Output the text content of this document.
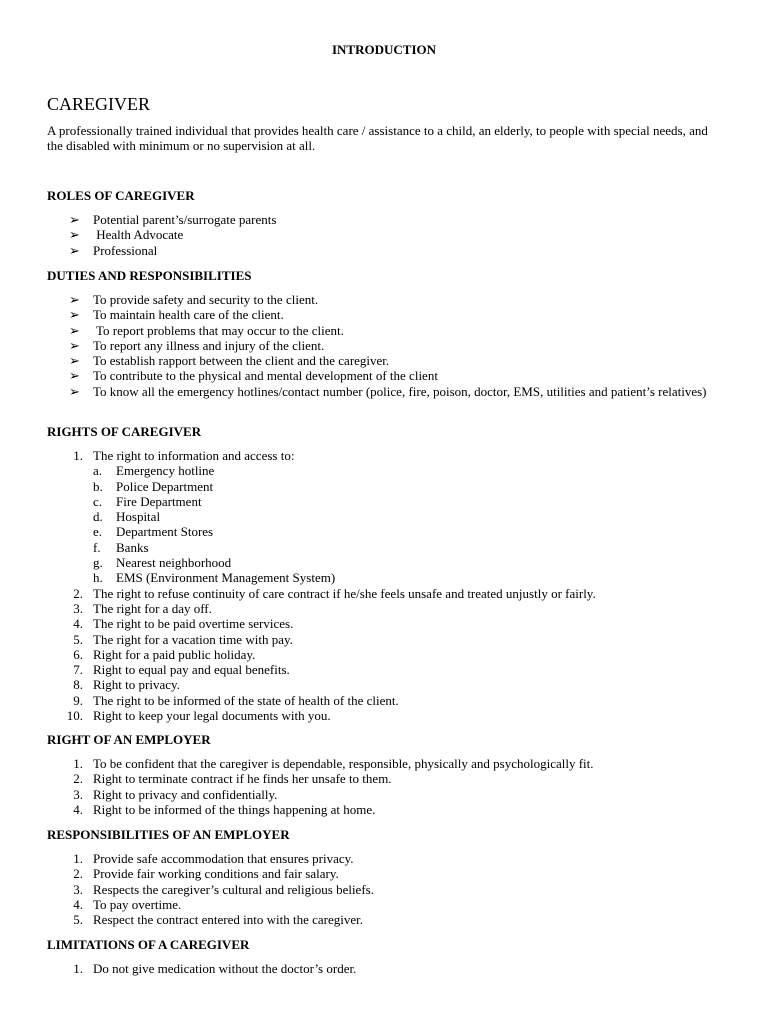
INTRODUCTION
CAREGIVER

A professionally trained individual that provides health care / assistance to a child, an elderly, to people with special needs, and the disabled with minimum or no supervision at all.

ROLES OF CAREGIVER
➢ Potential parent’s/surrogate parents
➢ Health Advocate
➢ Professional
DUTIES AND RESPONSIBILITIES
➢ To provide safety and security to the client.
➢ To maintain health care of the client.
➢ To report problems that may occur to the client.
➢ To report any illness and injury of the client.
➢ To establish rapport between the client and the caregiver.
➢ To contribute to the physical and mental development of the client
➢ To know all the emergency hotlines/contact number (police, fire, poison, doctor, EMS, utilities and patient’s relatives)
RIGHTS OF CAREGIVER
1. The right to information and access to:
a. Emergency hotline
b. Police Department
c. Fire Department
d. Hospital
e. Department Stores
f. Banks
g. Nearest neighborhood
h. EMS (Environment Management System)
2. The right to refuse continuity of care contract if he/she feels unsafe and treated unjustly or fairly.
3. The right for a day off.
4. The right to be paid overtime services.
5. The right for a vacation time with pay.
6. Right for a paid public holiday.
7. Right to equal pay and equal benefits.
8. Right to privacy.
9. The right to be informed of the state of health of the client.
10. Right to keep your legal documents with you.
RIGHT OF AN EMPLOYER
1. To be confident that the caregiver is dependable, responsible, physically and psychologically fit.
2. Right to terminate contract if he finds her unsafe to them.
3. Right to privacy and confidentially.
4. Right to be informed of the things happening at home.
RESPONSIBILITIES OF AN EMPLOYER
1. Provide safe accommodation that ensures privacy.
2. Provide fair working conditions and fair salary.
3. Respects the caregiver’s cultural and religious beliefs.
4. To pay overtime.
5. Respect the contract entered into with the caregiver.
LIMITATIONS OF A CAREGIVER
1. Do not give medication without the doctor’s order.
